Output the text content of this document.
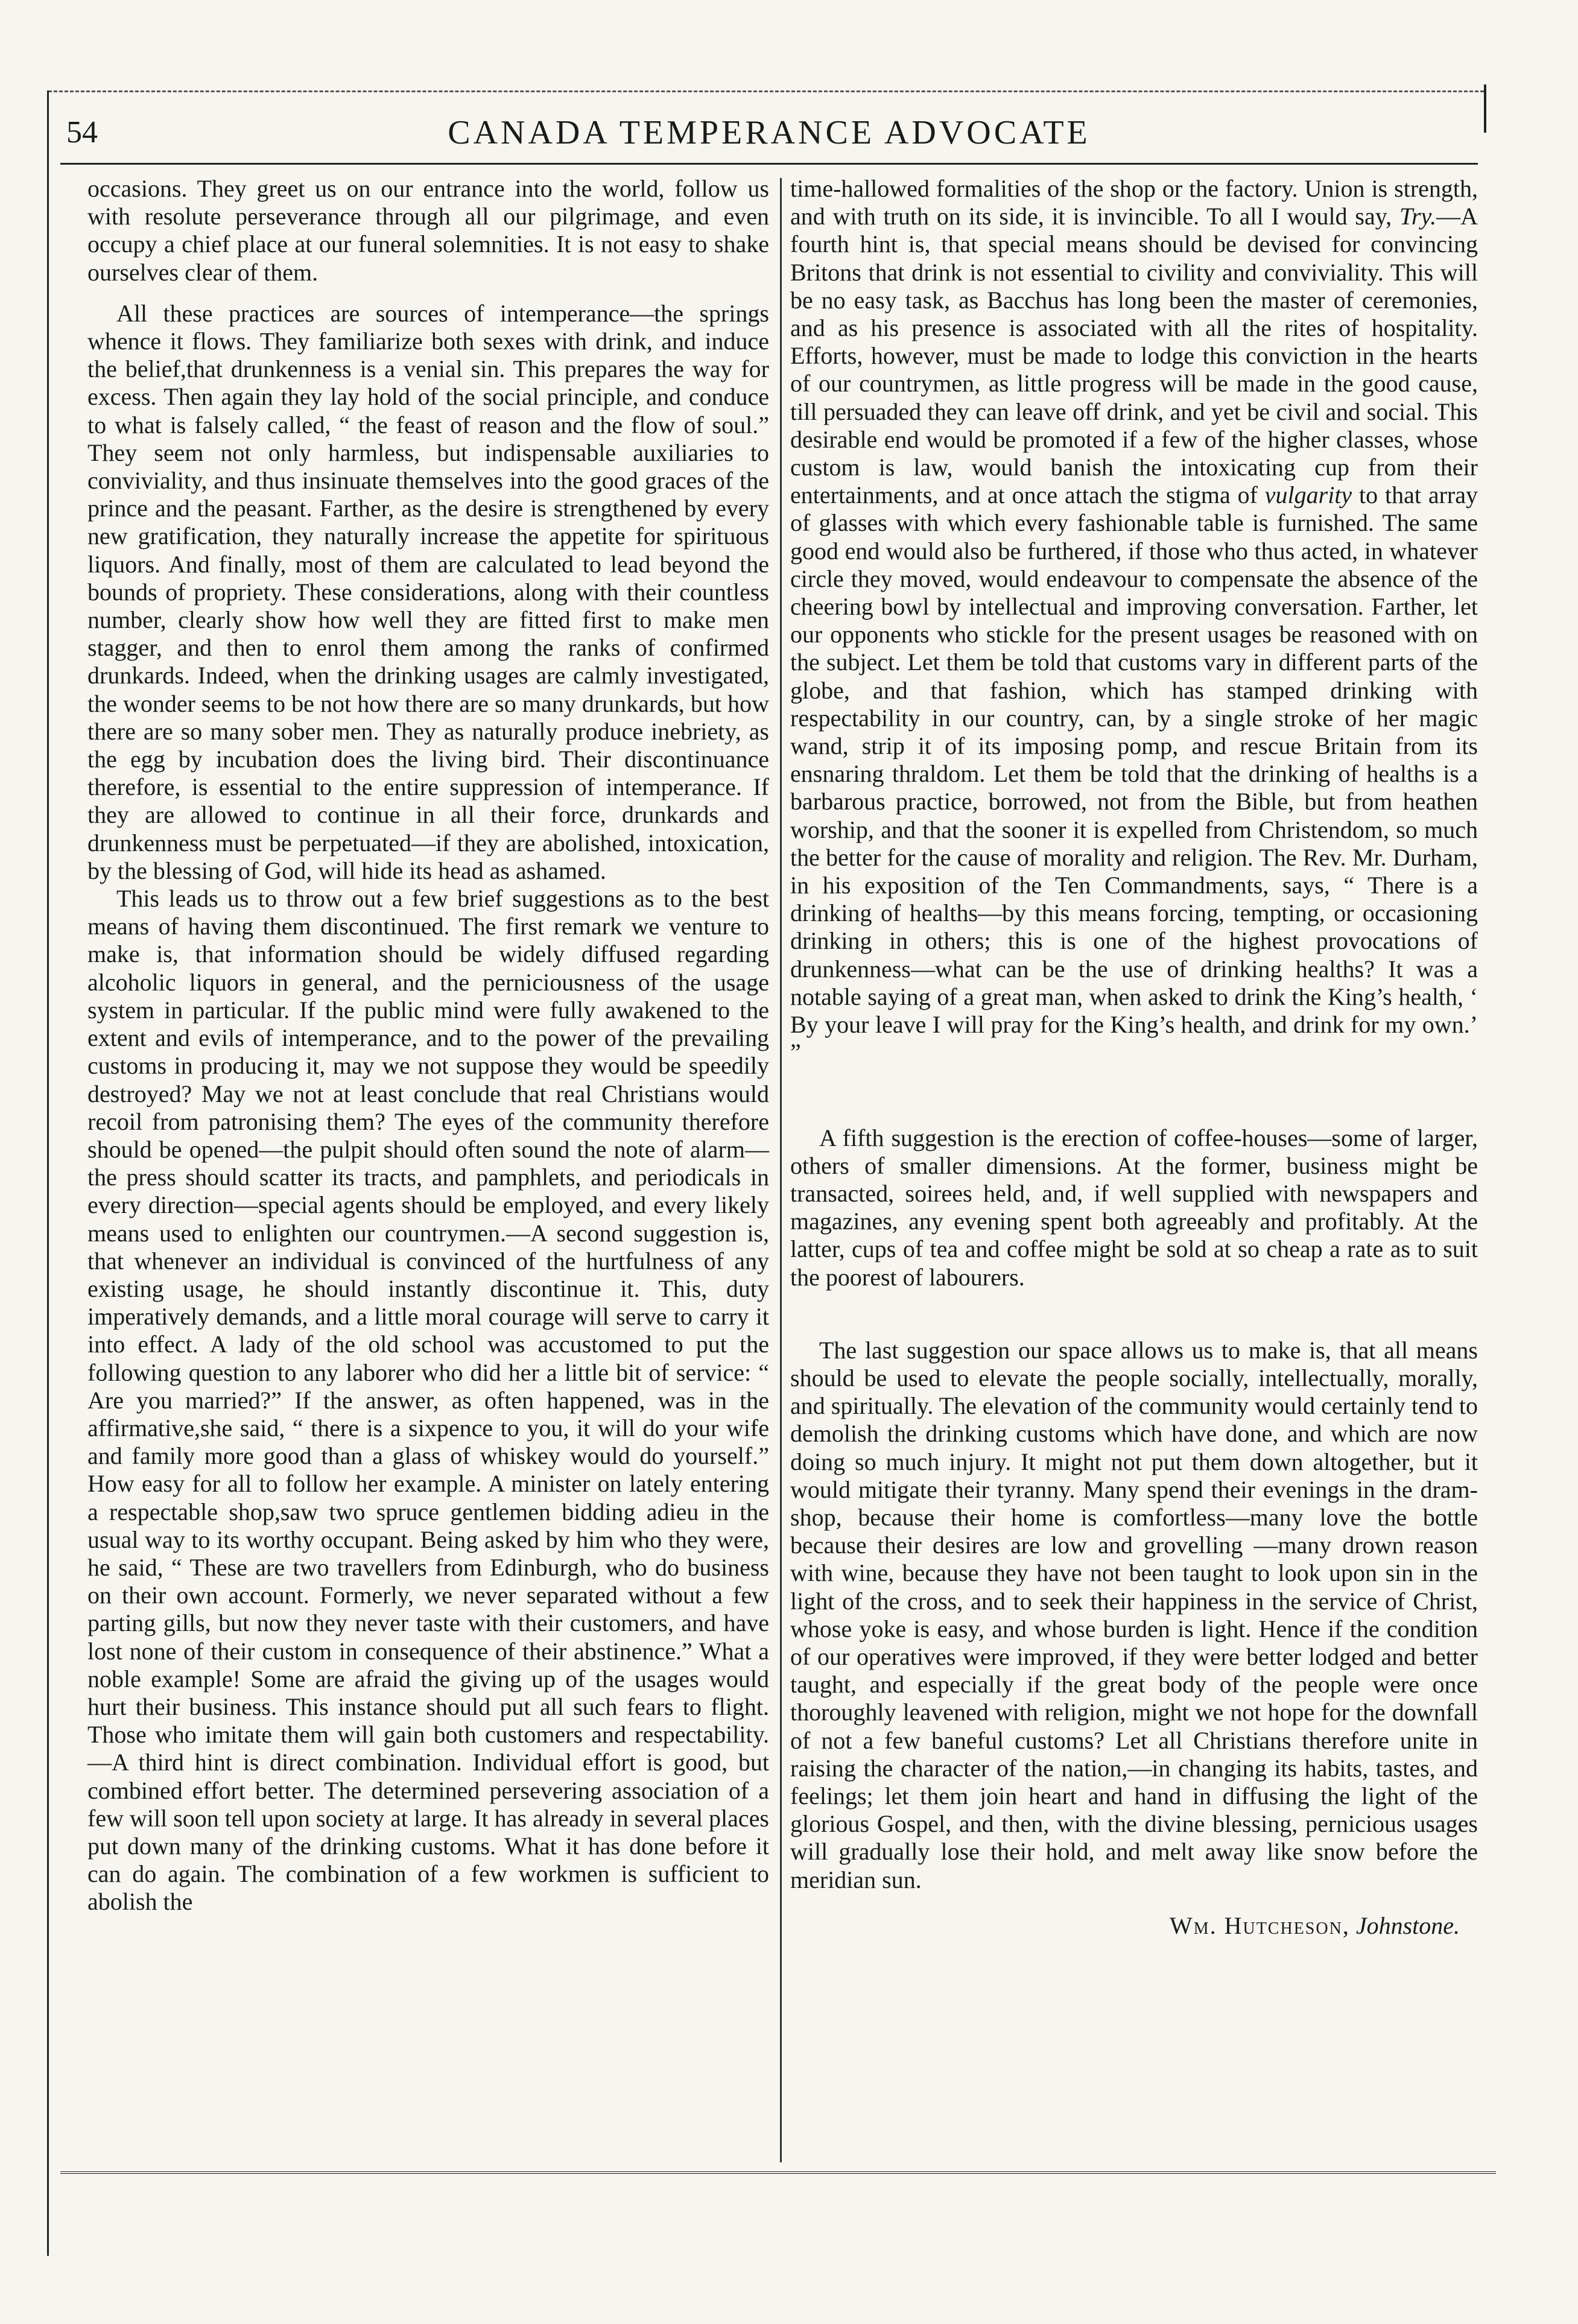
54	CANADA TEMPERANCE ADVOCATE

occasions. They greet us on our entrance into the world, follow us with resolute perseverance through all our pilgrimage, and even occupy a chief place at our funeral solemnities. It is not easy to shake ourselves clear of them.

All these practices are sources of intemperance—the springs whence it flows. They familiarize both sexes with drink, and induce the belief,that drunkenness is a venial sin. This prepares the way for excess. Then again they lay hold of the social principle, and conduce to what is falsely called, “ the feast of reason and the flow of soul.” They seem not only harmless, but indispensable auxiliaries to conviviality, and thus insinuate themselves into the good graces of the prince and the peasant. Farther, as the desire is strengthened by every new gratification, they naturally increase the appetite for spirituous liquors. And finally, most of them are calculated to lead beyond the bounds of propriety. These considerations, along with their countless number, clearly show how well they are fitted first to make men stagger, and then to enrol them among the ranks of confirmed drunkards. Indeed, when the drinking usages are calmly investigated, the wonder seems to be not how there are so many drunkards, but how there are so many sober men. They as naturally produce inebriety, as the egg by incubation does the living bird. Their discontinuance therefore, is essential to the entire suppression of intemperance. If they are allowed to continue in all their force, drunkards and drunkenness must be perpetuated—if they are abolished, intoxication, by the blessing of God, will hide its head as ashamed.

This leads us to throw out a few brief suggestions as to the best means of having them discontinued. The first remark we venture to make is, that information should be widely diffused regarding alcoholic liquors in general, and the perniciousness of the usage system in particular. If the public mind were fully awakened to the extent and evils of intemperance, and to the power of the prevailing customs in producing it, may we not suppose they would be speedily destroyed? May we not at least conclude that real Christians would recoil from patronising them? The eyes of the community therefore should be opened—the pulpit should often sound the note of alarm—the press should scatter its tracts, and pamphlets, and periodicals in every direction—special agents should be employed, and every likely means used to enlighten our countrymen.—A second suggestion is, that whenever an individual is convinced of the hurtfulness of any existing usage, he should instantly discontinue it. This, duty imperatively demands, and a little moral courage will serve to carry it into effect. A lady of the old school was accustomed to put the following question to any laborer who did her a little bit of service: “ Are you married?” If the answer, as often happened, was in the affirmative,she said, “ there is a sixpence to you, it will do your wife and family more good than a glass of whiskey would do yourself.” How easy for all to follow her example. A minister on lately entering a respectable shop,saw two spruce gentlemen bidding adieu in the usual way to its worthy occupant. Being asked by him who they were, he said, “ These are two travellers from Edinburgh, who do business on their own account. Formerly, we never separated without a few parting gills, but now they never taste with their customers, and have lost none of their custom in consequence of their abstinence.” What a noble example! Some are afraid the giving up of the usages would hurt their business. This instance should put all such fears to flight. Those who imitate them will gain both customers and respectability. —A third hint is direct combination. Individual effort is good, but combined effort better. The determined persevering association of a few will soon tell upon society at large. It has already in several places put down many of the drinking customs. What it has done before it can do again. The combination of a few workmen is sufficient to abolish the

time-hallowed formalities of the shop or the factory. Union is strength, and with truth on its side, it is invincible. To all I would say, Try.—A fourth hint is, that special means should be devised for convincing Britons that drink is not essential to civility and conviviality. This will be no easy task, as Bacchus has long been the master of ceremonies, and as his presence is associated with all the rites of hospitality. Efforts, however, must be made to lodge this conviction in the hearts of our countrymen, as little progress will be made in the good cause, till persuaded they can leave off drink, and yet be civil and social. This desirable end would be promoted if a few of the higher classes, whose custom is law, would banish the intoxicating cup from their entertainments, and at once attach the stigma of vulgarity to that array of glasses with which every fashionable table is furnished. The same good end would also be furthered, if those who thus acted, in whatever circle they moved, would endeavour to compensate the absence of the cheering bowl by intellectual and improving conversation. Farther, let our opponents who stickle for the present usages be reasoned with on the subject. Let them be told that customs vary in different parts of the globe, and that fashion, which has stamped drinking with respectability in our country, can, by a single stroke of her magic wand, strip it of its imposing pomp, and rescue Britain from its ensnaring thraldom. Let them be told that the drinking of healths is a barbarous practice, borrowed, not from the Bible, but from heathen worship, and that the sooner it is expelled from Christendom, so much the better for the cause of morality and religion. The Rev. Mr. Durham, in his exposition of the Ten Commandments, says, “ There is a drinking of healths—by this means forcing, tempting, or occasioning drinking in others; this is one of the highest provocations of drunkenness—what can be the use of drinking healths? It was a notable saying of a great man, when asked to drink the King’s health, ‘ By your leave I will pray for the King’s health, and drink for my own.’ ”

A fifth suggestion is the erection of coffee-houses—some of larger, others of smaller dimensions. At the former, business might be transacted, soirees held, and, if well supplied with newspapers and magazines, any evening spent both agreeably and profitably. At the latter, cups of tea and coffee might be sold at so cheap a rate as to suit the poorest of labourers.

The last suggestion our space allows us to make is, that all means should be used to elevate the people socially, intellectually, morally, and spiritually. The elevation of the community would certainly tend to demolish the drinking customs which have done, and which are now doing so much injury. It might not put them down altogether, but it would mitigate their tyranny. Many spend their evenings in the dram-shop, because their home is comfortless—many love the bottle because their desires are low and grovelling —many drown reason with wine, because they have not been taught to look upon sin in the light of the cross, and to seek their happiness in the service of Christ, whose yoke is easy, and whose burden is light. Hence if the condition of our operatives were improved, if they were better lodged and better taught, and especially if the great body of the people were once thoroughly leavened with religion, might we not hope for the downfall of not a few baneful customs? Let all Christians therefore unite in raising the character of the nation,—in changing its habits, tastes, and feelings; let them join heart and hand in diffusing the light of the glorious Gospel, and then, with the divine blessing, pernicious usages will gradually lose their hold, and melt away like snow before the meridian sun.

Wm. Hutcheson, Johnstone.
